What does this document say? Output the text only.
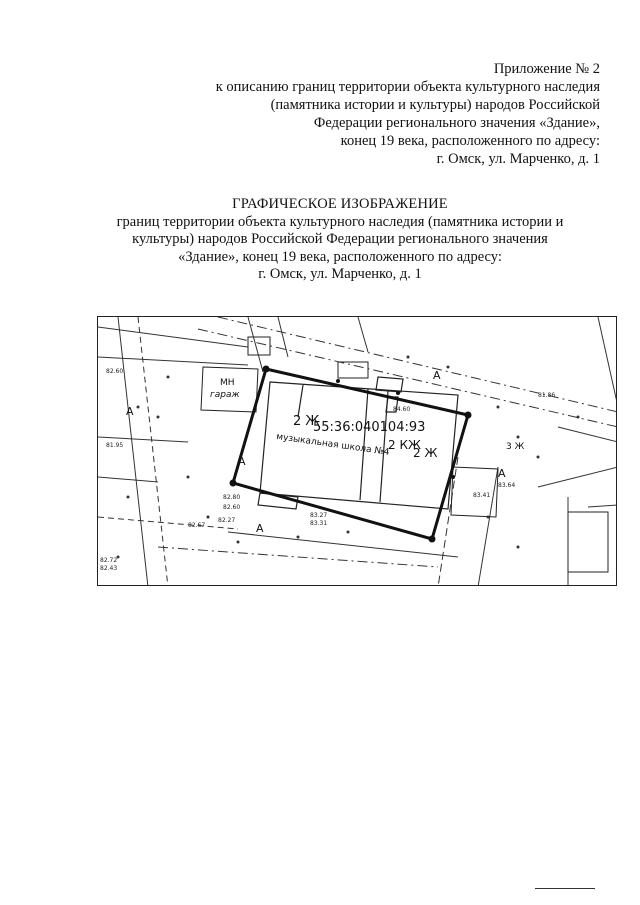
Приложение № 2
к описанию границ территории объекта культурного наследия
(памятника истории и культуры) народов Российской
Федерации регионального значения «Здание»,
конец 19 века, расположенного по адресу:
г. Омск, ул. Марченко, д. 1
ГРАФИЧЕСКОЕ ИЗОБРАЖЕНИЕ
границ территории объекта культурного наследия (памятника истории и
культуры) народов Российской Федерации регионального значения
«Здание», конец 19 века, расположенного по адресу:
г. Омск, ул. Марченко, д. 1
2 Ж
музыкальная школа №4
2 КЖ
2 Ж
МН
гараж
3 Ж
55:36:040104:93
А
А
А
А
А
82.72
82.43
81.95
82.80
82.60
84.60
83.64
82.27
82.67
83.27
83.31
83.41
81.86
82.60
